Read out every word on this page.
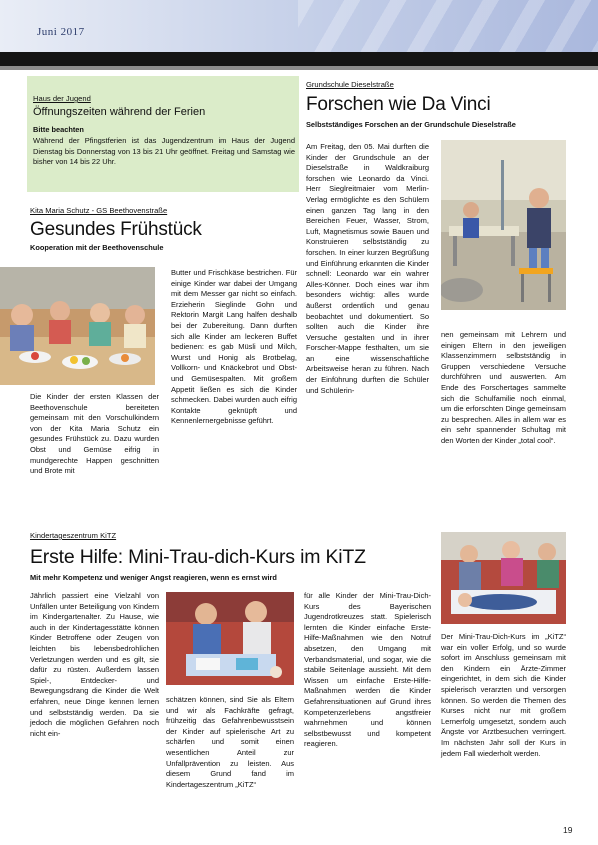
Juni 2017
Haus der Jugend
Öffnungszeiten während der Ferien
Bitte beachten
Während der Pfingstferien ist das Jugendzentrum im Haus der Jugend Dienstag bis Donnerstag von 13 bis 21 Uhr geöffnet. Freitag und Samstag wie bisher von 14 bis 22 Uhr.
Kita Maria Schutz - GS Beethovenstraße
Gesundes Frühstück
Kooperation mit der Beethovenschule
Die Kinder der ersten Klassen der Beethovenschule bereiteten gemeinsam mit den Vorschulkindern von der Kita Maria Schutz ein gesundes Frühstück zu. Dazu wurden Obst und Gemüse eifrig in mundgerechte Happen geschnitten und Brote mit
Butter und Frischkäse bestrichen. Für einige Kinder war dabei der Umgang mit dem Messer gar nicht so einfach. Erzieherin Sieglinde Gohn und Rektorin Margit Lang halfen deshalb bei der Zubereitung. Dann durften sich alle Kinder am leckeren Buffet bedienen: es gab Müsli und Milch, Wurst und Honig als Brotbelag, Vollkorn- und Knäckebrot und Obst- und Gemüsespalten. Mit großem Appetit ließen es sich die Kinder schmecken. Dabei wurden auch eifrig Kontakte geknüpft und Kennenlernergebnisse geführt.
Grundschule Dieselstraße
Forschen wie Da Vinci
Selbstständiges Forschen an der Grundschule Dieselstraße
Am Freitag, den 05. Mai durften die Kinder der Grundschule an der Dieselstraße in Waldkraiburg forschen wie Leonardo da Vinci. Herr Sieglreitmaier vom Merlin-Verlag ermöglichte es den Schülern einen ganzen Tag lang in den Bereichen Feuer, Wasser, Strom, Luft, Magnetismus sowie Bauen und Konstruieren selbstständig zu forschen. In einer kurzen Begrüßung und Einführung erkannten die Kinder schnell: Leonardo war ein wahrer Alles-Könner. Doch eines war ihm besonders wichtig: alles wurde äußerst ordentlich und genau beobachtet und dokumentiert. So sollten auch die Kinder ihre Versuche gestalten und in ihrer Forscher-Mappe festhalten, um sie an eine wissenschaftliche Arbeitsweise heran zu führen. Nach der Einführung durften die Schüler und Schülerin-
nen gemeinsam mit Lehrern und einigen Eltern in den jeweiligen Klassenzimmern selbstständig in Gruppen verschiedene Versuche durchführen und auswerten. Am Ende des Forschertages sammelte sich die Schulfamilie noch einmal, um die erforschten Dinge gemeinsam zu besprechen. Alles in allem war es ein sehr spannender Schultag mit den Worten der Kinder „total cool“.
Kindertageszentrum KiTZ
Erste Hilfe: Mini-Trau-dich-Kurs im KiTZ
Mit mehr Kompetenz und weniger Angst reagieren, wenn es ernst wird
Jährlich passiert eine Vielzahl von Unfällen unter Beteiligung von Kindern im Kindergartenalter. Zu Hause, wie auch in der Kindertagesstätte können Kinder Betroffene oder Zeugen von leichten bis lebensbedrohlichen Verletzungen werden und es gilt, sie dafür zu rüsten. Außerdem lassen Spiel-, Entdecker- und Bewegungsdrang die Kinder die Welt erfahren, neue Dinge kennen lernen und selbstständig werden. Da sie jedoch die möglichen Gefahren noch nicht ein-
schätzen können, sind Sie als Eltern und wir als Fachkräfte gefragt, frühzeitig das Gefahrenbewusstsein der Kinder auf spielerische Art zu schärfen und somit einen wesentlichen Anteil zur Unfallprävention zu leisten. Aus diesem Grund fand im Kindertageszentrum „KiTZ“
für alle Kinder der Mini-Trau-Dich-Kurs des Bayerischen Jugendrotkreuzes statt. Spielerisch lernten die Kinder einfache Erste-Hilfe-Maßnahmen wie den Notruf absetzen, den Umgang mit Verbandsmaterial, und sogar, wie die stabile Seitenlage aussieht. Mit dem Wissen um einfache Erste-Hilfe-Maßnahmen werden die Kinder Gefahrensituationen auf Grund ihres Kompetenzerlebens angstfreier wahrnehmen und können selbstbewusst und kompetent reagieren.
Der Mini-Trau-Dich-Kurs im „KiTZ“ war ein voller Erfolg, und so wurde sofort im Anschluss gemeinsam mit den Kindern ein Ärzte-Zimmer eingerichtet, in dem sich die Kinder spielerisch verarzten und versorgen können. So werden die Themen des Kurses nicht nur mit großem Lernerfolg umgesetzt, sondern auch Ängste vor Arztbesuchen verringert. Im nächsten Jahr soll der Kurs in jedem Fall wiederholt werden.
19
